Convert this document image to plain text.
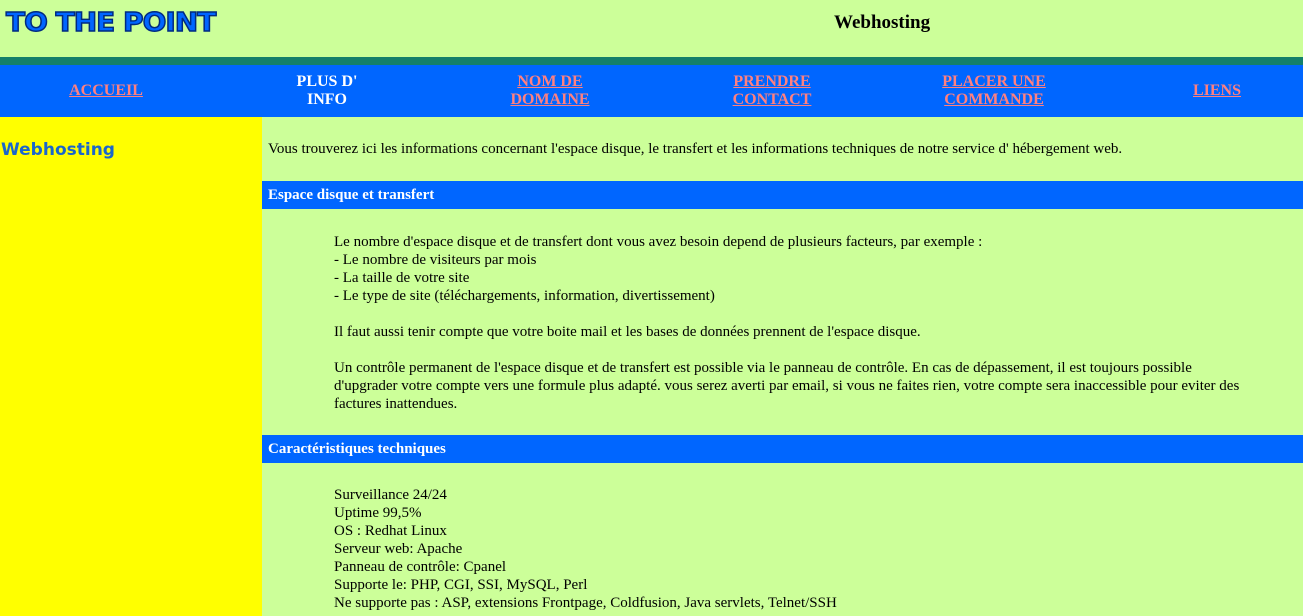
TO THE POINT	Webhosting
ACCUEIL
PLUS D'
INFO
NOM DE
DOMAINE
PRENDRE
CONTACT
PLACER UNE
COMMANDE
LIENS
Webhosting	Vous trouverez ici les informations concernant l'espace disque, le transfert et les informations techniques de notre service d' hébergement web.
Espace disque et transfert
Le nombre d'espace disque et de transfert dont vous avez besoin depend de plusieurs facteurs, par exemple :
- Le nombre de visiteurs par mois
- La taille de votre site
- Le type de site (téléchargements, information, divertissement)
Il faut aussi tenir compte que votre boite mail et les bases de données prennent de l'espace disque.
Un contrôle permanent de l'espace disque et de transfert est possible via le panneau de contrôle. En cas de dépassement, il est toujours possible
d'upgrader votre compte vers une formule plus adapté. vous serez averti par email, si vous ne faites rien, votre compte sera inaccessible pour eviter des
factures inattendues.
Caractéristiques techniques
Surveillance 24/24
Uptime 99,5%
OS : Redhat Linux
Serveur web: Apache
Panneau de contrôle: Cpanel
Supporte le: PHP, CGI, SSI, MySQL, Perl
Ne supporte pas : ASP, extensions Frontpage, Coldfusion, Java servlets, Telnet/SSH
